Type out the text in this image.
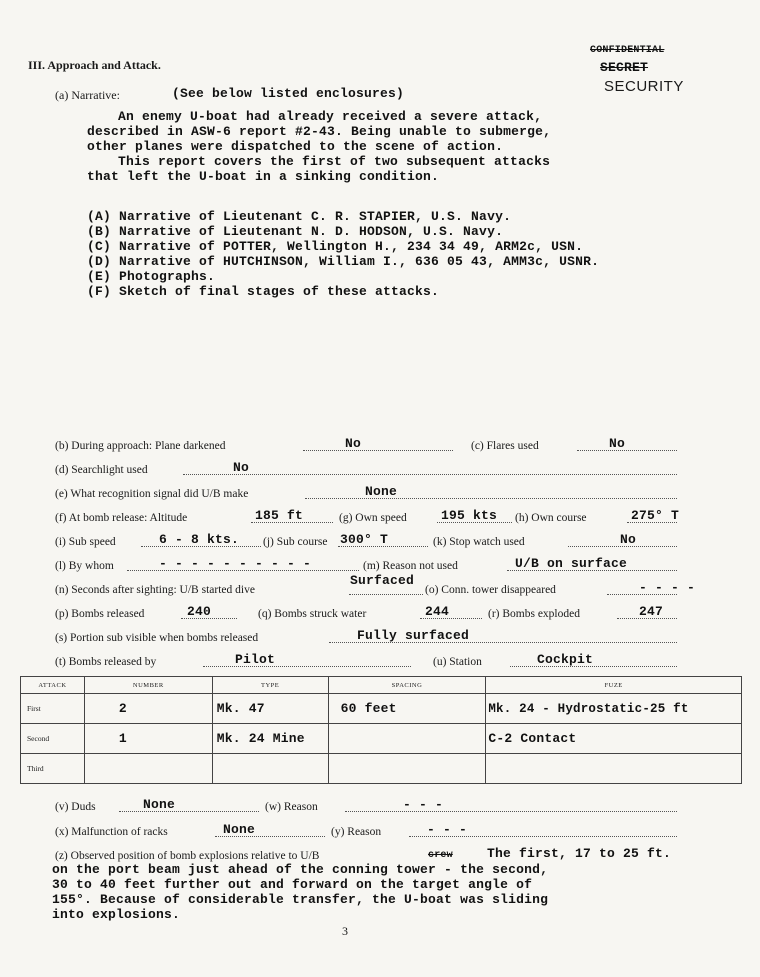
III. Approach and Attack.
CONFIDENTIAL
SECRET
SECURITY
(a) Narrative:	(See below listed enclosures)
An enemy U-boat had already received a severe attack,
described in ASW-6 report #2-43. Being unable to submerge,
other planes were dispatched to the scene of action.
This report covers the first of two subsequent attacks
that left the U-boat in a sinking condition.
(A) Narrative of Lieutenant C. R. STAPIER, U.S. Navy.
(B) Narrative of Lieutenant N. D. HODSON, U.S. Navy.
(C) Narrative of POTTER, Wellington H., 234 34 49, ARM2c, USN.
(D) Narrative of HUTCHINSON, William I., 636 05 43, AMM3c, USNR.
(E) Photographs.
(F) Sketch of final stages of these attacks.
(b) During approach: Plane darkened	No	(c) Flares used	No
(d) Searchlight used	No
(e) What recognition signal did U/B make	None
(f) At bomb release: Altitude	185 ft	(g) Own speed	195 kts (h) Own course	275° T
(i) Sub speed	6 - 8 kts. (j) Sub course 300° T	(k) Stop watch used	No
(l) By whom	- - - - - - - - - -	(m) Reason not used	U/B on surface
(n) Seconds after sighting: U/B started dive
Surfaced
(o) Conn. tower disappeared	- - - -
(p) Bombs released	240	(q) Bombs struck water	244	(r) Bombs exploded	247
(s) Portion sub visible when bombs released	Fully surfaced
(t) Bombs released by	Pilot	(u) Station	Cockpit
ATTACK	NUMBER	TYPE	SPACING	FUZE
First	2	Mk. 47	60 feet	Mk. 24 - Hydrostatic-25 ft
Second	1	Mk. 24 Mine		C-2 Contact
Third				
(v) Duds	None	(w) Reason	- - -
(x) Malfunction of racks	None	(y) Reason	- - -
(z) Observed position of bomb explosions relative to U/B	crew	The first, 17 to 25 ft.
on the port beam just ahead of the conning tower - the second,
30 to 40 feet further out and forward on the target angle of
155°. Because of considerable transfer, the U-boat was sliding
into explosions.
3
